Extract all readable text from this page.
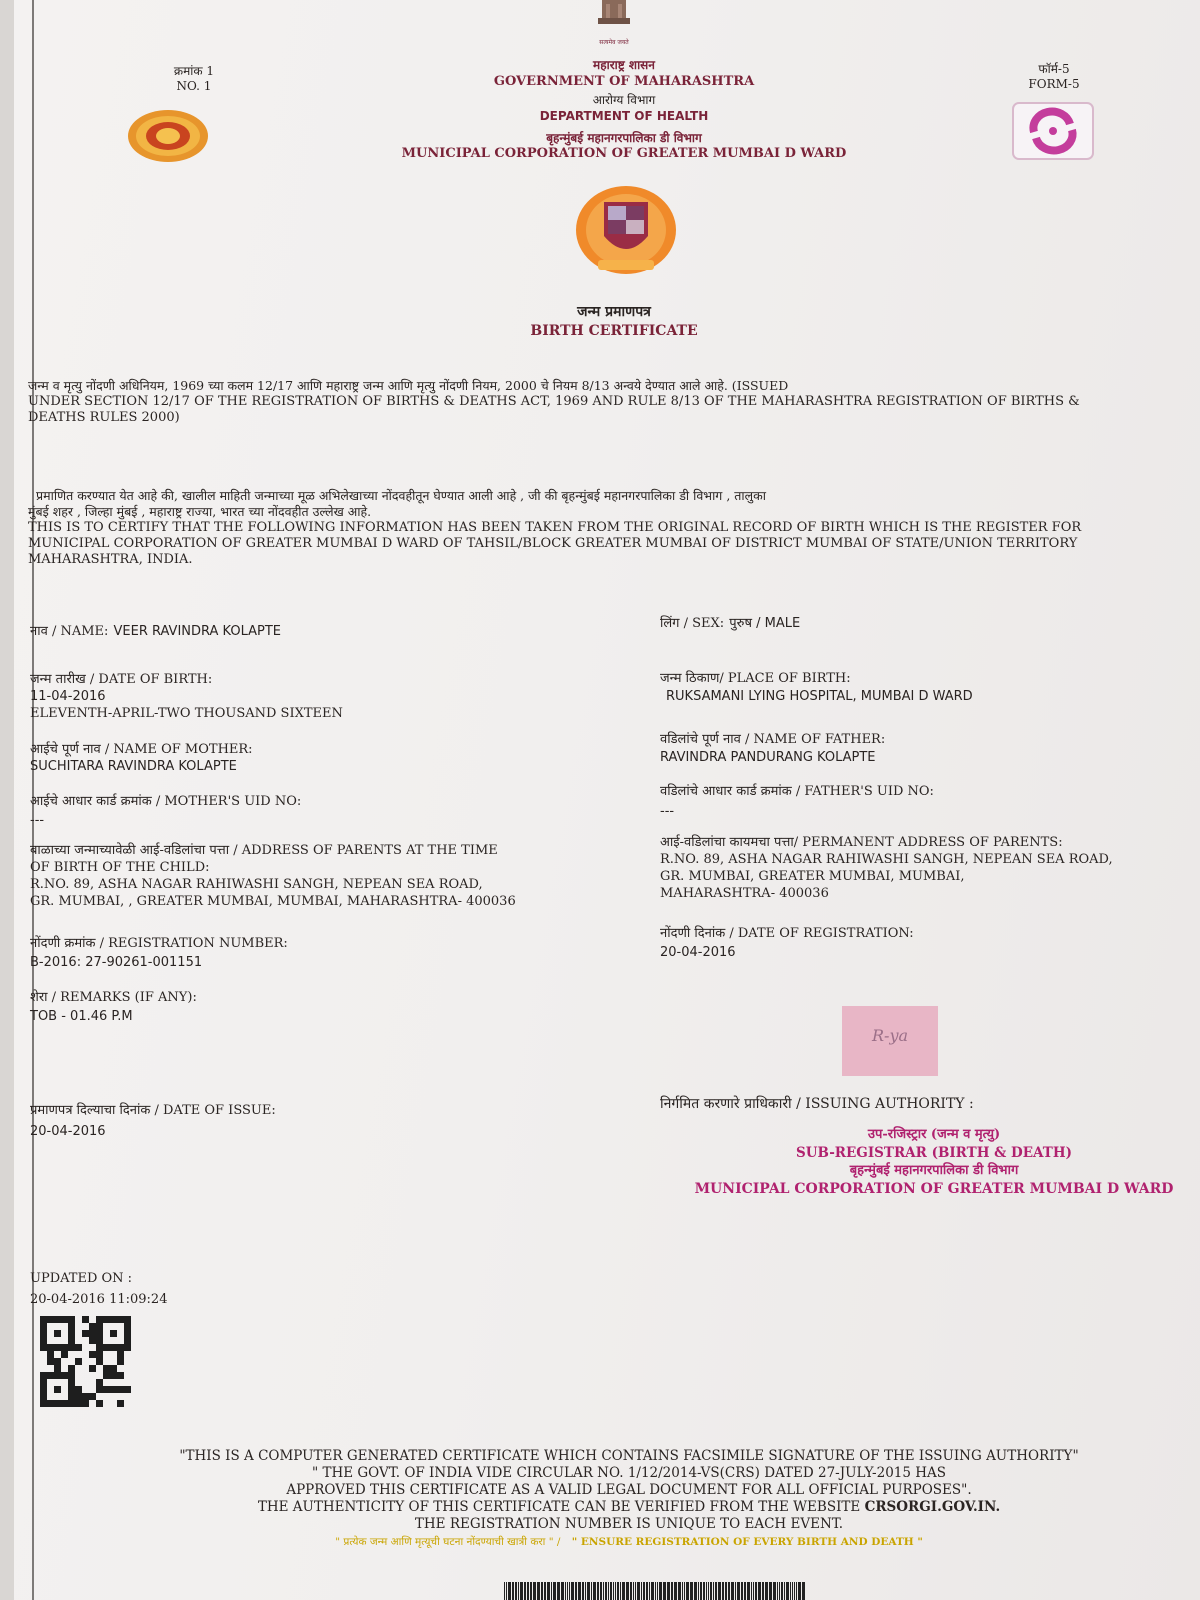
सत्यमेव जयते
क्रमांक 1
NO. 1
महाराष्ट्र शासन
GOVERNMENT OF MAHARASHTRA
आरोग्य विभाग
DEPARTMENT OF HEALTH
बृहन्मुंबई महानगरपालिका डी विभाग
MUNICIPAL CORPORATION OF GREATER MUMBAI D WARD
फॉर्म-5
FORM-5
जन्म प्रमाणपत्र
BIRTH CERTIFICATE
जन्म व मृत्यु नोंदणी अधिनियम, 1969 च्या कलम 12/17 आणि महाराष्ट्र जन्म आणि मृत्यु नोंदणी नियम, 2000 चे नियम 8/13 अन्वये देण्यात आले आहे. (ISSUED
UNDER SECTION 12/17 OF THE REGISTRATION OF BIRTHS & DEATHS ACT, 1969 AND RULE 8/13 OF THE MAHARASHTRA REGISTRATION OF BIRTHS &
DEATHS RULES 2000)
प्रमाणित करण्यात येत आहे की, खालील माहिती जन्माच्या मूळ अभिलेखाच्या नोंदवहीतून घेण्यात आली आहे , जी की बृहन्मुंबई महानगरपालिका डी विभाग , तालुका
मुंबई शहर , जिल्हा मुंबई , महाराष्ट्र राज्या, भारत च्या नोंदवहीत उल्लेख आहे.
THIS IS TO CERTIFY THAT THE FOLLOWING INFORMATION HAS BEEN TAKEN FROM THE ORIGINAL RECORD OF BIRTH WHICH IS THE REGISTER FOR
MUNICIPAL CORPORATION OF GREATER MUMBAI D WARD OF TAHSIL/BLOCK GREATER MUMBAI OF DISTRICT MUMBAI OF STATE/UNION TERRITORY
MAHARASHTRA, INDIA.
नाव / NAME: VEER RAVINDRA KOLAPTE
जन्म तारीख / DATE OF BIRTH:
11-04-2016
ELEVENTH-APRIL-TWO THOUSAND SIXTEEN
आईचे पूर्ण नाव / NAME OF MOTHER:
SUCHITARA RAVINDRA KOLAPTE
आईचे आधार कार्ड क्रमांक / MOTHER'S UID NO:
---
बाळाच्या जन्माच्यावेळी आई-वडिलांचा पत्ता / ADDRESS OF PARENTS AT THE TIME
OF BIRTH OF THE CHILD:
R.NO. 89, ASHA NAGAR RAHIWASHI SANGH, NEPEAN SEA ROAD,
GR. MUMBAI, , GREATER MUMBAI, MUMBAI, MAHARASHTRA- 400036
नोंदणी क्रमांक / REGISTRATION NUMBER:
B-2016: 27-90261-001151
शेरा / REMARKS (IF ANY):
TOB - 01.46 P.M
प्रमाणपत्र दिल्याचा दिनांक / DATE OF ISSUE:
20-04-2016
लिंग / SEX: पुरुष / MALE
जन्म ठिकाण/ PLACE OF BIRTH:
RUKSAMANI LYING HOSPITAL, MUMBAI D WARD
वडिलांचे पूर्ण नाव / NAME OF FATHER:
RAVINDRA PANDURANG KOLAPTE
वडिलांचे आधार कार्ड क्रमांक / FATHER'S UID NO:
---
आई-वडिलांचा कायमचा पत्ता/ PERMANENT ADDRESS OF PARENTS:
R.NO. 89, ASHA NAGAR RAHIWASHI SANGH, NEPEAN SEA ROAD,
GR. MUMBAI, GREATER MUMBAI, MUMBAI,
MAHARASHTRA- 400036
नोंदणी दिनांक / DATE OF REGISTRATION:
20-04-2016
R-ya
निर्गमित करणारे प्राधिकारी / ISSUING AUTHORITY :
उप-रजिस्ट्रार (जन्म व मृत्यु)
SUB-REGISTRAR (BIRTH & DEATH)
बृहन्मुंबई महानगरपालिका डी विभाग
MUNICIPAL CORPORATION OF GREATER MUMBAI D WARD
UPDATED ON :
20-04-2016 11:09:24
"THIS IS A COMPUTER GENERATED CERTIFICATE WHICH CONTAINS FACSIMILE SIGNATURE OF THE ISSUING AUTHORITY"
" THE GOVT. OF INDIA VIDE CIRCULAR NO. 1/12/2014-VS(CRS) DATED 27-JULY-2015 HAS
APPROVED THIS CERTIFICATE AS A VALID LEGAL DOCUMENT FOR ALL OFFICIAL PURPOSES".
THE AUTHENTICITY OF THIS CERTIFICATE CAN BE VERIFIED FROM THE WEBSITE CRSORGI.GOV.IN.
THE REGISTRATION NUMBER IS UNIQUE TO EACH EVENT.
" प्रत्येक जन्म आणि मृत्यूची घटना नोंदण्याची खात्री करा " / " ENSURE REGISTRATION OF EVERY BIRTH AND DEATH "
